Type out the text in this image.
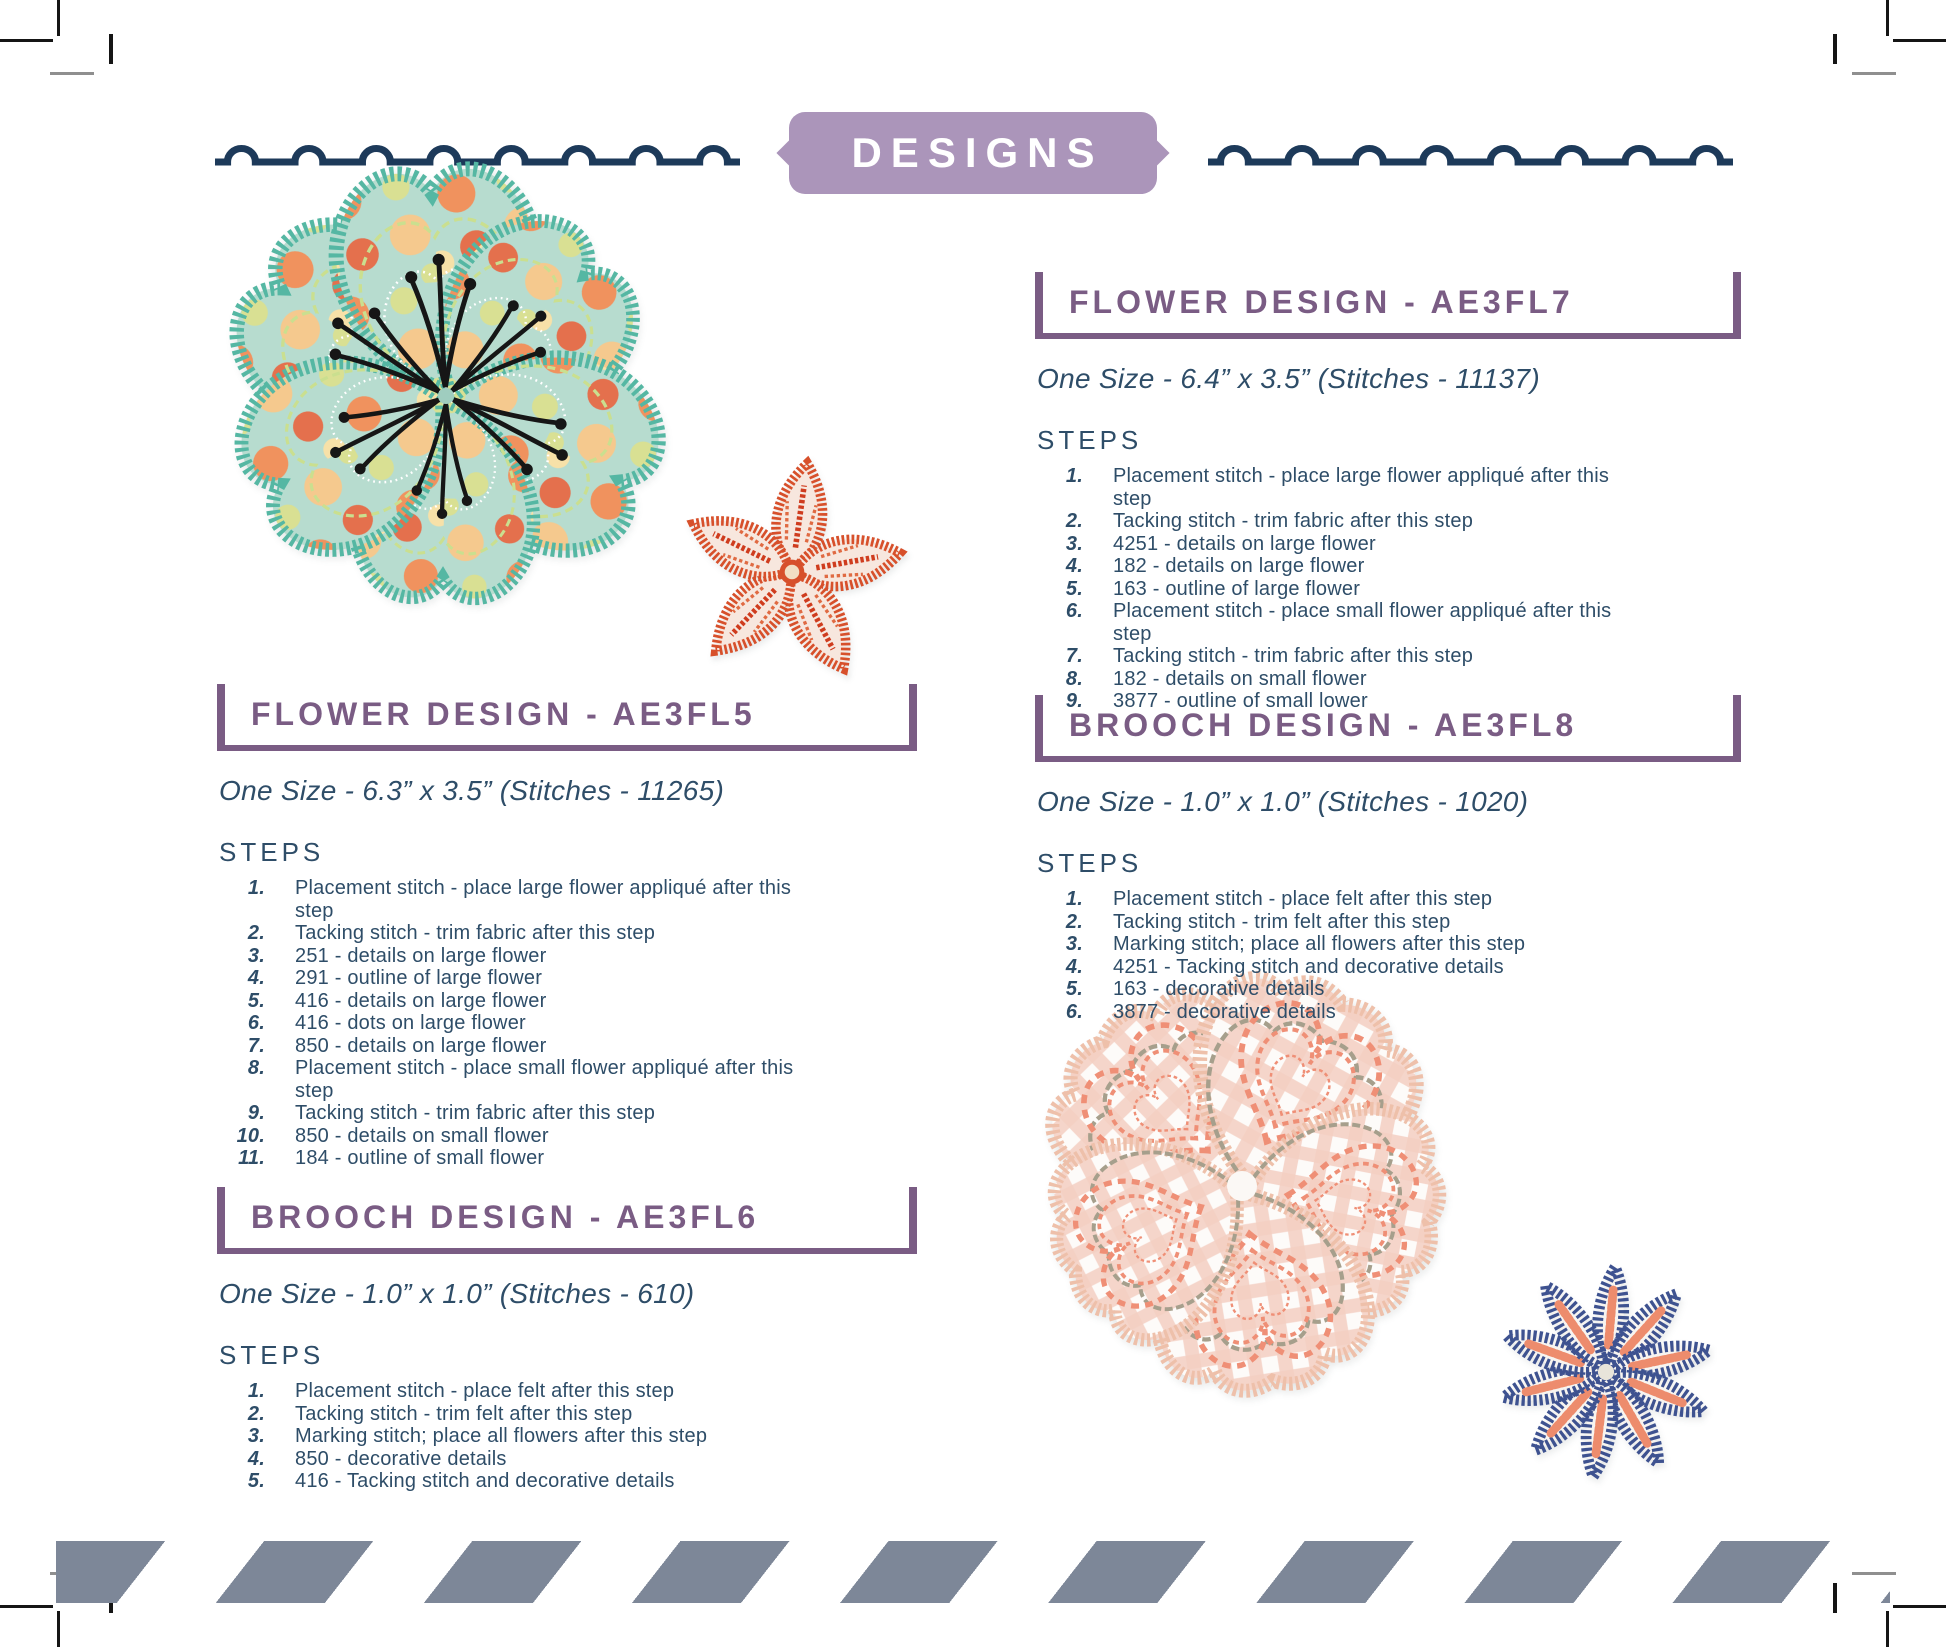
DESIGNS
FLOWER DESIGN - AE3FL5

One Size - 6.3” x 3.5” (Stitches - 11265)

STEPS

1. Placement stitch - place large flower appliqué after this step
2. Tacking stitch - trim fabric after this step
3. 251 - details on large flower
4. 291 - outline of large flower
5. 416 - details on large flower
6. 416 - dots on large flower
7. 850 - details on large flower
8. Placement stitch - place small flower appliqué after this step
9. Tacking stitch - trim fabric after this step
10. 850 - details on small flower
11. 184 - outline of small flower
BROOCH DESIGN - AE3FL6

One Size - 1.0” x 1.0” (Stitches - 610)

STEPS

1. Placement stitch - place felt after this step
2. Tacking stitch - trim felt after this step
3. Marking stitch; place all flowers after this step
4. 850 - decorative details
5. 416 - Tacking stitch and decorative details
FLOWER DESIGN - AE3FL7

One Size - 6.4” x 3.5” (Stitches - 11137)

STEPS

1. Placement stitch - place large flower appliqué after this step
2. Tacking stitch - trim fabric after this step
3. 4251 - details on large flower
4. 182 - details on large flower
5. 163 - outline of large flower
6. Placement stitch - place small flower appliqué after this step
7. Tacking stitch - trim fabric after this step
8. 182 - details on small flower
9. 3877 - outline of small lower
BROOCH DESIGN - AE3FL8

One Size - 1.0” x 1.0” (Stitches - 1020)

STEPS

1. Placement stitch - place felt after this step
2. Tacking stitch - trim felt after this step
3. Marking stitch; place all flowers after this step
4. 4251 - Tacking stitch and decorative details
5. 163 - decorative details
6. 3877 - decorative details
